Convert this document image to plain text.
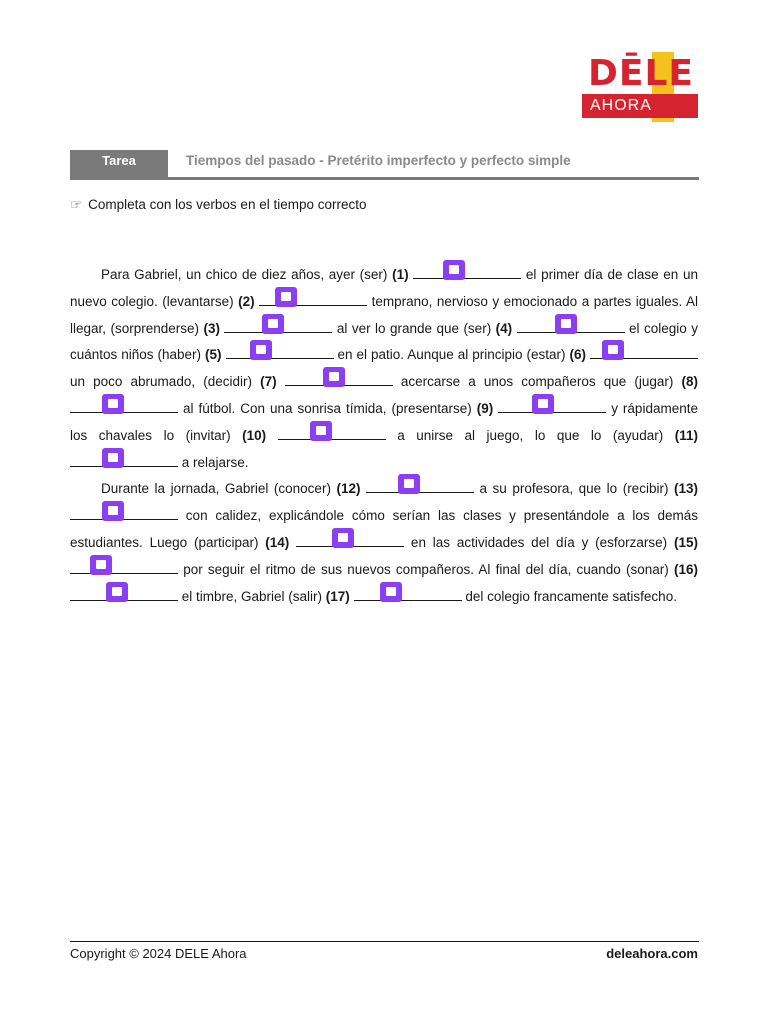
DĒLE
AHORA
Tarea	Tiempos del pasado - Pretérito imperfecto y perfecto simple
☞ Completa con los verbos en el tiempo correcto

Para Gabriel, un chico de diez años, ayer (ser) (1)	el primer día de clase en un nuevo colegio. (levantarse) (2)	temprano, nervioso y emocionado a partes iguales. Al llegar, (sorprenderse) (3)	al ver lo grande que (ser) (4)	el colegio y cuántos niños (haber) (5)	en el patio. Aunque al principio (estar) (6)
un poco abrumado, (decidir) (7)	acercarse a unos compañeros que (jugar) (8)
al fútbol. Con una sonrisa tímida, (presentarse) (9)	y rápidamente los chavales lo (invitar) (10)	a unirse al juego, lo que lo (ayudar) (11)
a relajarse.

Durante la jornada, Gabriel (conocer) (12)	a su profesora, que lo (recibir) (13)
con calidez, explicándole cómo serían las clases y presentándole a los demás estudiantes. Luego (participar) (14)	en las actividades del día y (esforzarse) (15)
por seguir el ritmo de sus nuevos compañeros. Al final del día, cuando (sonar) (16)
el timbre, Gabriel (salir) (17)	del colegio francamente satisfecho.

Copyright © 2024 DELE Ahora	deleahora.com
